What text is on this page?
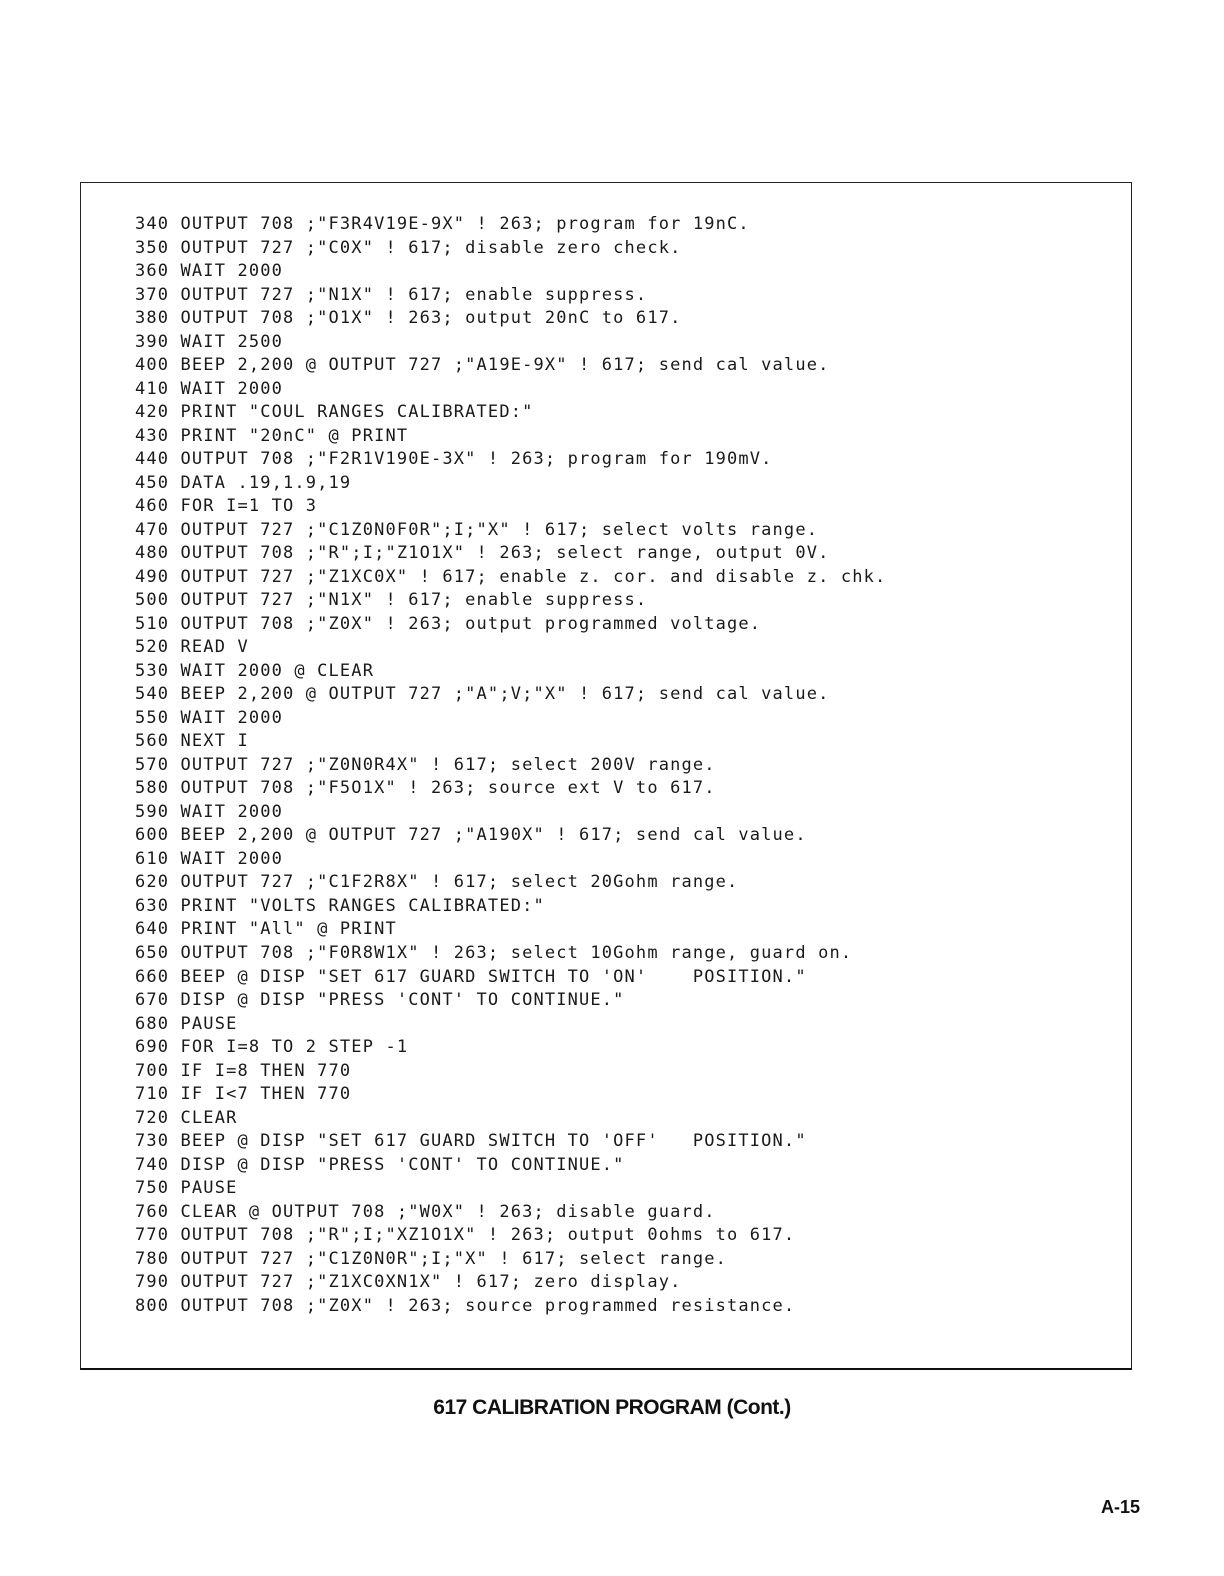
340 OUTPUT 708 ;"F3R4V19E-9X" ! 263; program for 19nC.
350 OUTPUT 727 ;"C0X" ! 617; disable zero check.
360 WAIT 2000
370 OUTPUT 727 ;"N1X" ! 617; enable suppress.
380 OUTPUT 708 ;"O1X" ! 263; output 20nC to 617.
390 WAIT 2500
400 BEEP 2,200 @ OUTPUT 727 ;"A19E-9X" ! 617; send cal value.
410 WAIT 2000
420 PRINT "COUL RANGES CALIBRATED:"
430 PRINT "20nC" @ PRINT
440 OUTPUT 708 ;"F2R1V190E-3X" ! 263; program for 190mV.
450 DATA .19,1.9,19
460 FOR I=1 TO 3
470 OUTPUT 727 ;"C1Z0N0F0R";I;"X" ! 617; select volts range.
480 OUTPUT 708 ;"R";I;"Z1O1X" ! 263; select range, output 0V.
490 OUTPUT 727 ;"Z1XC0X" ! 617; enable z. cor. and disable z. chk.
500 OUTPUT 727 ;"N1X" ! 617; enable suppress.
510 OUTPUT 708 ;"Z0X" ! 263; output programmed voltage.
520 READ V
530 WAIT 2000 @ CLEAR
540 BEEP 2,200 @ OUTPUT 727 ;"A";V;"X" ! 617; send cal value.
550 WAIT 2000
560 NEXT I
570 OUTPUT 727 ;"Z0N0R4X" ! 617; select 200V range.
580 OUTPUT 708 ;"F5O1X" ! 263; source ext V to 617.
590 WAIT 2000
600 BEEP 2,200 @ OUTPUT 727 ;"A190X" ! 617; send cal value.
610 WAIT 2000
620 OUTPUT 727 ;"C1F2R8X" ! 617; select 20Gohm range.
630 PRINT "VOLTS RANGES CALIBRATED:"
640 PRINT "All" @ PRINT
650 OUTPUT 708 ;"F0R8W1X" ! 263; select 10Gohm range, guard on.
660 BEEP @ DISP "SET 617 GUARD SWITCH TO 'ON'    POSITION."
670 DISP @ DISP "PRESS 'CONT' TO CONTINUE."
680 PAUSE
690 FOR I=8 TO 2 STEP -1
700 IF I=8 THEN 770
710 IF I<7 THEN 770
720 CLEAR
730 BEEP @ DISP "SET 617 GUARD SWITCH TO 'OFF'   POSITION."
740 DISP @ DISP "PRESS 'CONT' TO CONTINUE."
750 PAUSE
760 CLEAR @ OUTPUT 708 ;"W0X" ! 263; disable guard.
770 OUTPUT 708 ;"R";I;"XZ1O1X" ! 263; output 0ohms to 617.
780 OUTPUT 727 ;"C1Z0N0R";I;"X" ! 617; select range.
790 OUTPUT 727 ;"Z1XC0XN1X" ! 617; zero display.
800 OUTPUT 708 ;"Z0X" ! 263; source programmed resistance.
617 CALIBRATION PROGRAM (Cont.)
A-15
